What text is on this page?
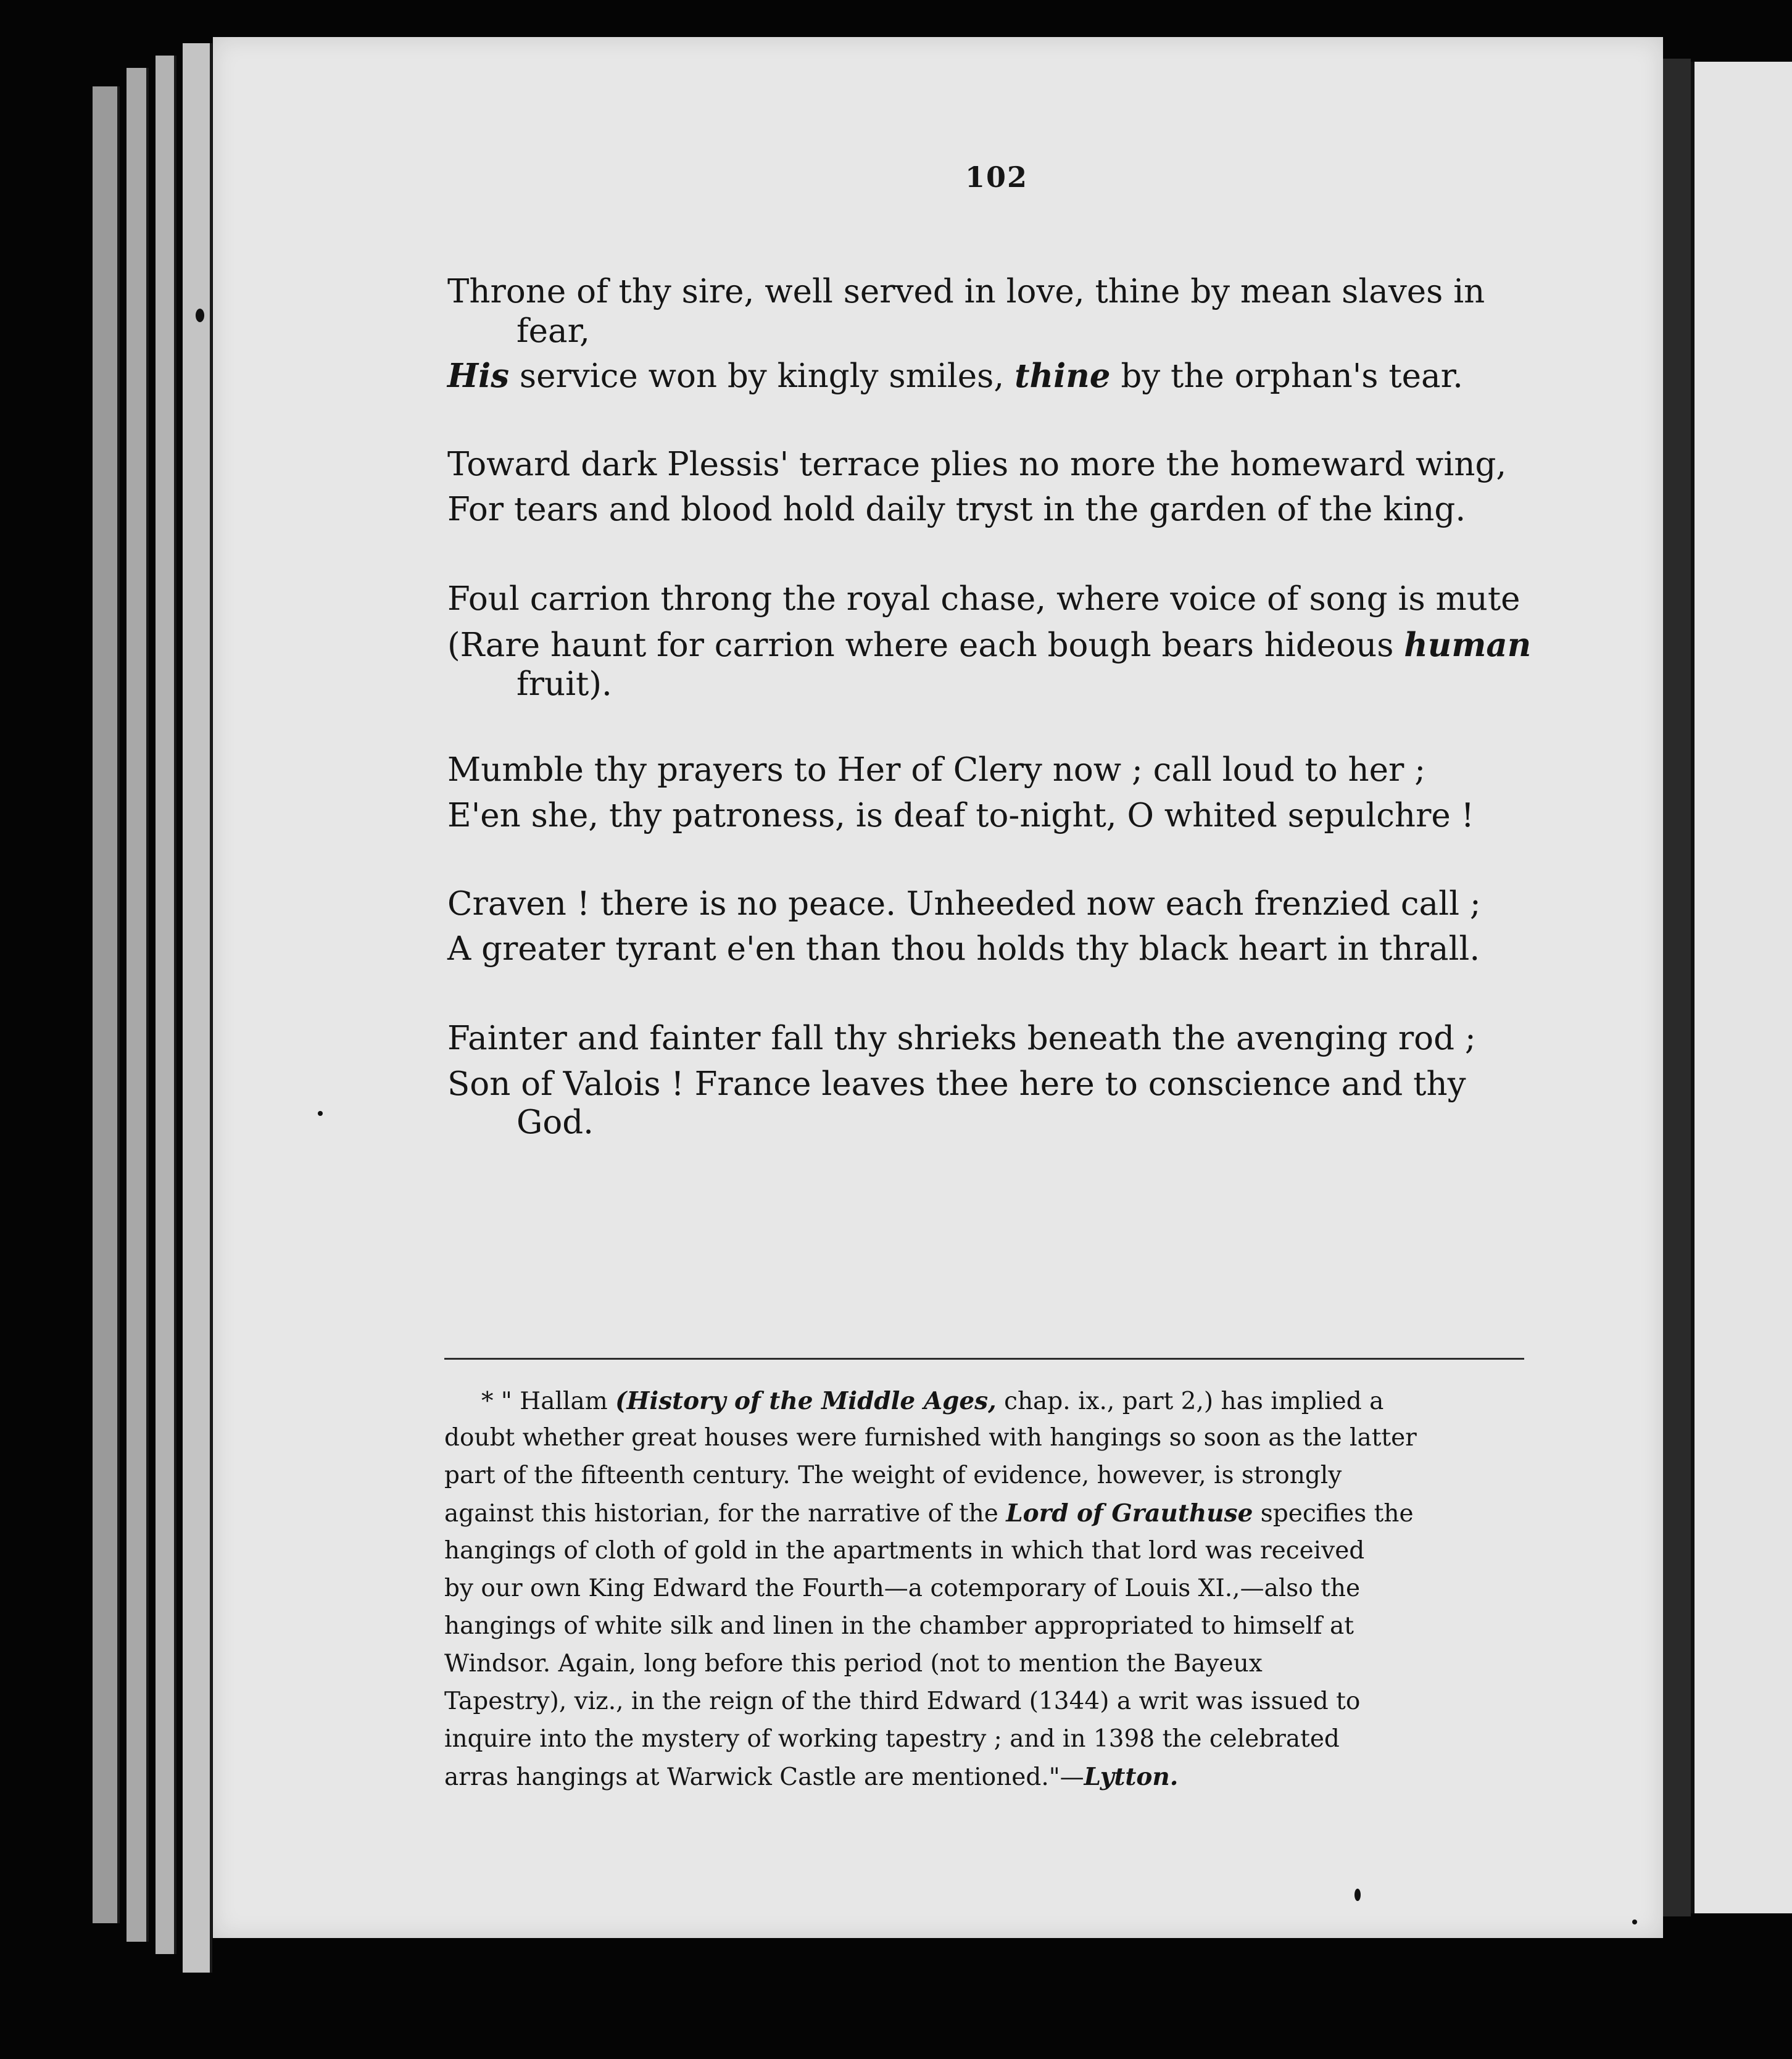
102
Throne of thy sire, well served in love, thine by mean slaves in
fear,
His service won by kingly smiles, thine by the orphan's tear.
Toward dark Plessis' terrace plies no more the homeward wing,
For tears and blood hold daily tryst in the garden of the king.
Foul carrion throng the royal chase, where voice of song is mute
(Rare haunt for carrion where each bough bears hideous human
fruit).
Mumble thy prayers to Her of Clery now ; call loud to her ;
E'en she, thy patroness, is deaf to-night, O whited sepulchre !
Craven ! there is no peace. Unheeded now each frenzied call ;
A greater tyrant e'en than thou holds thy black heart in thrall.
Fainter and fainter fall thy shrieks beneath the avenging rod ;
Son of Valois ! France leaves thee here to conscience and thy
God.
* " Hallam (History of the Middle Ages, chap. ix., part 2,) has implied a
doubt whether great houses were furnished with hangings so soon as the latter
part of the fifteenth century. The weight of evidence, however, is strongly
against this historian, for the narrative of the Lord of Grauthuse specifies the
hangings of cloth of gold in the apartments in which that lord was received
by our own King Edward the Fourth—a cotemporary of Louis XI.,—also the
hangings of white silk and linen in the chamber appropriated to himself at
Windsor. Again, long before this period (not to mention the Bayeux
Tapestry), viz., in the reign of the third Edward (1344) a writ was issued to
inquire into the mystery of working tapestry ; and in 1398 the celebrated
arras hangings at Warwick Castle are mentioned."—Lytton.
